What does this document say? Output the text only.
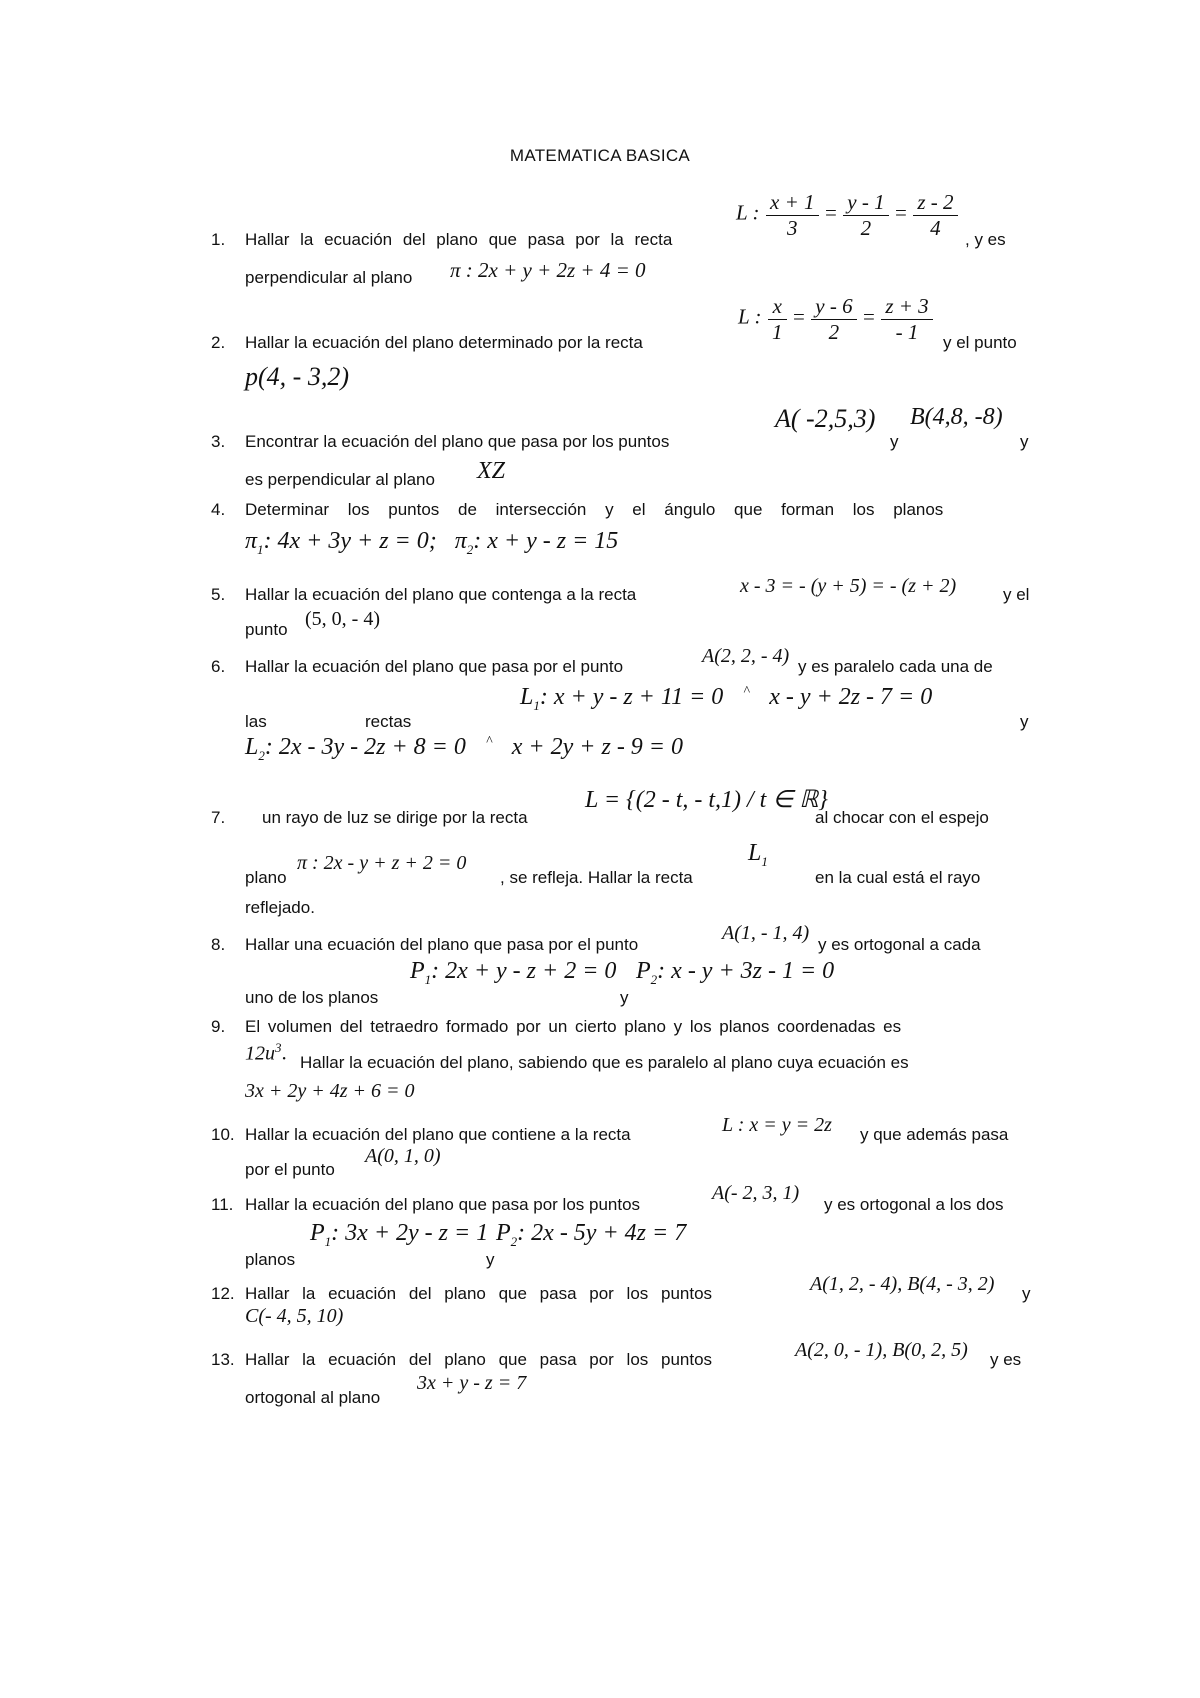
MATEMATICA BASICA
1. Hallar la ecuación del plano que pasa por la recta
L : $\frac{x + 1}{3} = \frac{y - 1}{2} = \frac{z - 2}{4}$ , y es
perpendicular al plano π : 2x + y + 2z + 4 = 0
2. Hallar la ecuación del plano determinado por la recta
L : $\frac{x}{1} = \frac{y - 6}{2} = \frac{z + 3}{- 1}$ y el punto
p(4, - 3,2)
3. Encontrar la ecuación del plano que pasa por los puntos
A( -2,5,3)
y
B(4,8, -8)
y
es perpendicular al plano XZ
4. Determinar los puntos de intersección y el ángulo que forman los planos
$\pi_1$: 4x + 3y + z = 0; $\pi_2$: x + y - z = 15
5. Hallar la ecuación del plano que contenga a la recta	x - 3 = - (y + 5) = - (z + 2)	y el
punto (5, 0, - 4)
6. Hallar la ecuación del plano que pasa por el punto	A(2, 2, - 4) y es paralelo cada una de
las	rectas
$L_1$: x + y - z + 11 = 0 ^ x - y + 2z - 7 = 0
y
$L_2$: 2x - 3y - 2z + 8 = 0 ^ x + 2y + z - 9 = 0
7. un rayo de luz se dirige por la recta
L = {(2 - t, - t,1) / t ∈ ℝ}
al chocar con el espejo
plano
π : 2x - y + z + 2 = 0
, se refleja. Hallar la recta
$L_1$
en la cual está el rayo
reflejado.
8. Hallar una ecuación del plano que pasa por el punto
A(1, - 1, 4)
y es ortogonal a cada
uno de los planos
$P_1$: 2x + y - z + 2 = 0
y
$P_2$: x - y + 3z - 1 = 0
9. El volumen del tetraedro formado por un cierto plano y los planos coordenadas es
$12u^3$. Hallar la ecuación del plano, sabiendo que es paralelo al plano cuya ecuación es
3x + 2y + 4z + 6 = 0
10. Hallar la ecuación del plano que contiene a la recta	L : x = y = 2z y que además pasa
por el punto
A(0, 1, 0)
11. Hallar la ecuación del plano que pasa por los puntos
A(- 2, 3, 1)
y es ortogonal a los dos
planos
$P_1$: 3x + 2y - z = 1
y
$P_2$: 2x - 5y + 4z = 7
12. Hallar la ecuación del plano que pasa por los puntos	A(1, 2, - 4), B(4, - 3, 2) y
C(- 4, 5, 10)
13. Hallar la ecuación del plano que pasa por los puntos	A(2, 0, - 1), B(0, 2, 5) y es
ortogonal al plano
3x + y - z = 7
